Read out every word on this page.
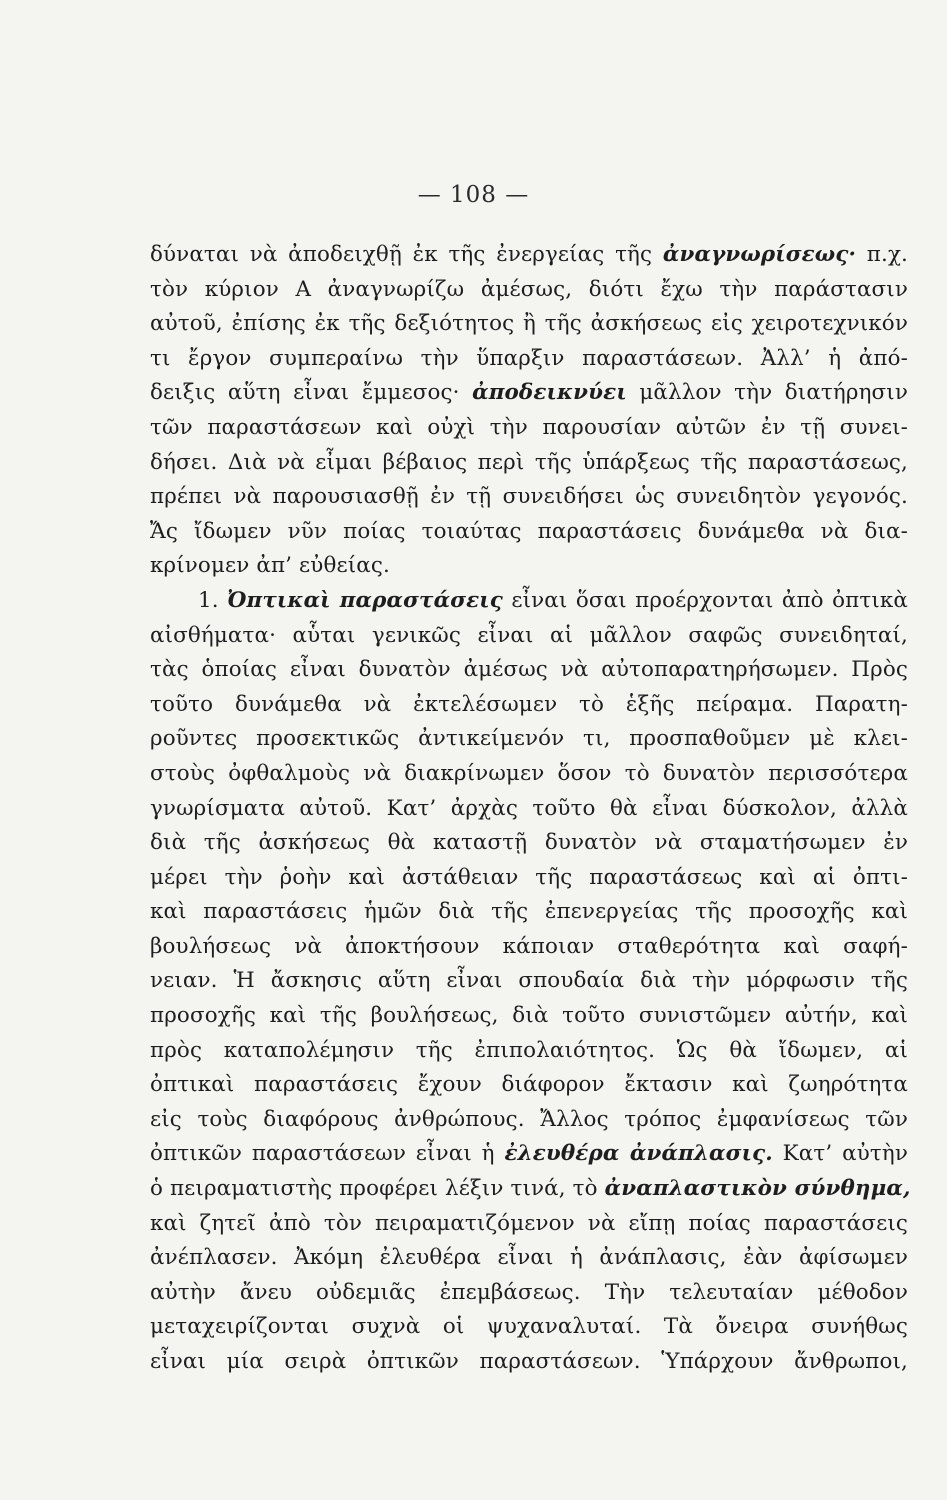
— 108 —
δύναται νὰ ἀποδειχθῇ ἐκ τῆς ἐνεργείας τῆς ἀναγνωρίσεως· π.χ.
τὸν κύριον Α ἀναγνωρίζω ἀμέσως, διότι ἔχω τὴν παράστασιν
αὐτοῦ, ἐπίσης ἐκ τῆς δεξιότητος ἢ τῆς ἀσκήσεως εἰς χειροτεχνικόν
τι ἔργον συμπεραίνω τὴν ὕπαρξιν παραστάσεων. Ἀλλ’ ἡ ἀπό-
δειξις αὕτη εἶναι ἔμμεσος· ἀποδεικνύει μᾶλλον τὴν διατήρησιν
τῶν παραστάσεων καὶ οὐχὶ τὴν παρουσίαν αὐτῶν ἐν τῇ συνει-
δήσει. Διὰ νὰ εἶμαι βέβαιος περὶ τῆς ὑπάρξεως τῆς παραστάσεως,
πρέπει νὰ παρουσιασθῇ ἐν τῇ συνειδήσει ὡς συνειδητὸν γεγονός.
Ἄς ἴδωμεν νῦν ποίας τοιαύτας παραστάσεις δυνάμεθα νὰ δια-
κρίνομεν ἀπ’ εὐθείας.
1. Ὀπτικαὶ παραστάσεις εἶναι ὅσαι προέρχονται ἀπὸ ὀπτικὰ
αἰσθήματα· αὗται γενικῶς εἶναι αἱ μᾶλλον σαφῶς συνειδηταί,
τὰς ὁποίας εἶναι δυνατὸν ἀμέσως νὰ αὐτοπαρατηρήσωμεν. Πρὸς
τοῦτο δυνάμεθα νὰ ἐκτελέσωμεν τὸ ἑξῆς πείραμα. Παρατη-
ροῦντες προσεκτικῶς ἀντικείμενόν τι, προσπαθοῦμεν μὲ κλει-
στοὺς ὀφθαλμοὺς νὰ διακρίνωμεν ὅσον τὸ δυνατὸν περισσότερα
γνωρίσματα αὐτοῦ. Κατ’ ἀρχὰς τοῦτο θὰ εἶναι δύσκολον, ἀλλὰ
διὰ τῆς ἀσκήσεως θὰ καταστῇ δυνατὸν νὰ σταματήσωμεν ἐν
μέρει τὴν ῥοὴν καὶ ἀστάθειαν τῆς παραστάσεως καὶ αἱ ὀπτι-
καὶ παραστάσεις ἡμῶν διὰ τῆς ἐπενεργείας τῆς προσοχῆς καὶ
βουλήσεως νὰ ἀποκτήσουν κάποιαν σταθερότητα καὶ σαφή-
νειαν. Ἡ ἄσκησις αὕτη εἶναι σπουδαία διὰ τὴν μόρφωσιν τῆς
προσοχῆς καὶ τῆς βουλήσεως, διὰ τοῦτο συνιστῶμεν αὐτήν, καὶ
πρὸς καταπολέμησιν τῆς ἐπιπολαιότητος. Ὡς θὰ ἴδωμεν, αἱ
ὀπτικαὶ παραστάσεις ἔχουν διάφορον ἔκτασιν καὶ ζωηρότητα
εἰς τοὺς διαφόρους ἀνθρώπους. Ἄλλος τρόπος ἐμφανίσεως τῶν
ὀπτικῶν παραστάσεων εἶναι ἡ ἐλευθέρα ἀνάπλασις. Κατ’ αὐτὴν
ὁ πειραματιστὴς προφέρει λέξιν τινά, τὸ ἀναπλαστικὸν σύνθημα,
καὶ ζητεῖ ἀπὸ τὸν πειραματιζόμενον νὰ εἴπῃ ποίας παραστάσεις
ἀνέπλασεν. Ἀκόμη ἐλευθέρα εἶναι ἡ ἀνάπλασις, ἐὰν ἀφίσωμεν
αὐτὴν ἄνευ οὐδεμιᾶς ἐπεμβάσεως. Τὴν τελευταίαν μέθοδον
μεταχειρίζονται συχνὰ οἱ ψυχαναλυταί. Τὰ ὄνειρα συνήθως
εἶναι μία σειρὰ ὀπτικῶν παραστάσεων. Ὑπάρχουν ἄνθρωποι,
